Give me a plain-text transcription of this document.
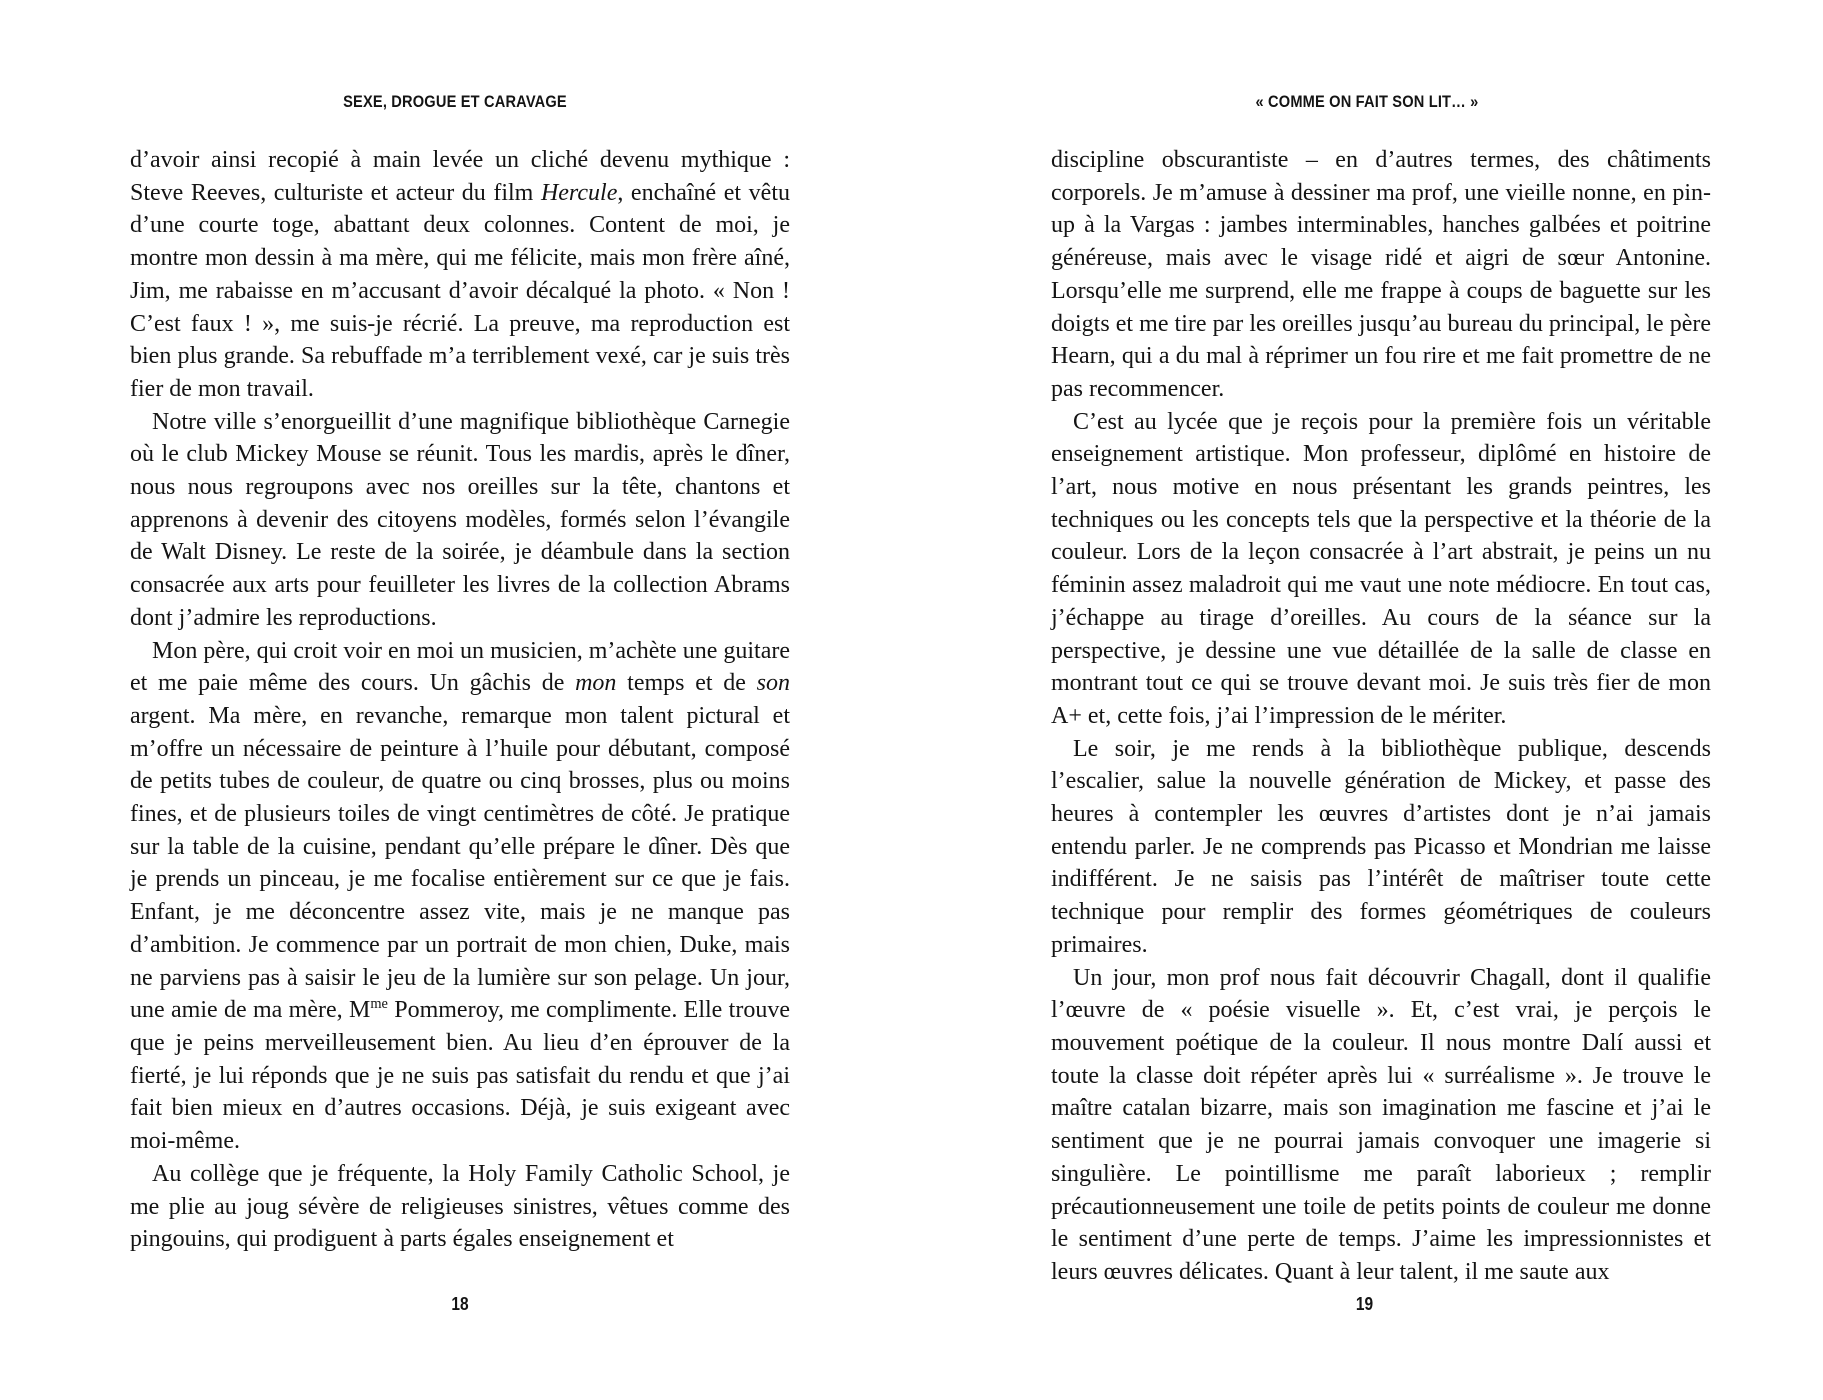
SEXE, DROGUE ET CARAVAGE

d’avoir ainsi recopié à main levée un cliché devenu mythique : Steve Reeves, culturiste et acteur du film Hercule, enchaîné et vêtu d’une courte toge, abattant deux colonnes. Content de moi, je montre mon dessin à ma mère, qui me félicite, mais mon frère aîné, Jim, me rabaisse en m’accusant d’avoir décalqué la photo. « Non ! C’est faux ! », me suis-je récrié. La preuve, ma reproduction est bien plus grande. Sa rebuffade m’a terriblement vexé, car je suis très fier de mon travail.

Notre ville s’enorgueillit d’une magnifique bibliothèque Carnegie où le club Mickey Mouse se réunit. Tous les mardis, après le dîner, nous nous regroupons avec nos oreilles sur la tête, chantons et apprenons à devenir des citoyens modèles, formés selon l’évangile de Walt Disney. Le reste de la soirée, je déambule dans la section consacrée aux arts pour feuilleter les livres de la collection Abrams dont j’admire les reproductions.

Mon père, qui croit voir en moi un musicien, m’achète une guitare et me paie même des cours. Un gâchis de mon temps et de son argent. Ma mère, en revanche, remarque mon talent pictural et m’offre un nécessaire de peinture à l’huile pour débutant, composé de petits tubes de couleur, de quatre ou cinq brosses, plus ou moins fines, et de plusieurs toiles de vingt centimètres de côté. Je pratique sur la table de la cuisine, pendant qu’elle prépare le dîner. Dès que je prends un pinceau, je me focalise entièrement sur ce que je fais. Enfant, je me déconcentre assez vite, mais je ne manque pas d’ambition. Je commence par un portrait de mon chien, Duke, mais ne parviens pas à saisir le jeu de la lumière sur son pelage. Un jour, une amie de ma mère, $M^{me}$ Pommeroy, me complimente. Elle trouve que je peins merveilleusement bien. Au lieu d’en éprouver de la fierté, je lui réponds que je ne suis pas satisfait du rendu et que j’ai fait bien mieux en d’autres occasions. Déjà, je suis exigeant avec moi-même.

Au collège que je fréquente, la Holy Family Catholic School, je me plie au joug sévère de religieuses sinistres, vêtues comme des pingouins, qui prodiguent à parts égales enseignement et

18
« COMME ON FAIT SON LIT… »

discipline obscurantiste – en d’autres termes, des châtiments corporels. Je m’amuse à dessiner ma prof, une vieille nonne, en pin-up à la Vargas : jambes interminables, hanches galbées et poitrine généreuse, mais avec le visage ridé et aigri de sœur Antonine. Lorsqu’elle me surprend, elle me frappe à coups de baguette sur les doigts et me tire par les oreilles jusqu’au bureau du principal, le père Hearn, qui a du mal à réprimer un fou rire et me fait promettre de ne pas recommencer.

C’est au lycée que je reçois pour la première fois un véritable enseignement artistique. Mon professeur, diplômé en histoire de l’art, nous motive en nous présentant les grands peintres, les techniques ou les concepts tels que la perspective et la théorie de la couleur. Lors de la leçon consacrée à l’art abstrait, je peins un nu féminin assez maladroit qui me vaut une note médiocre. En tout cas, j’échappe au tirage d’oreilles. Au cours de la séance sur la perspective, je dessine une vue détaillée de la salle de classe en montrant tout ce qui se trouve devant moi. Je suis très fier de mon A+ et, cette fois, j’ai l’impression de le mériter.

Le soir, je me rends à la bibliothèque publique, descends l’escalier, salue la nouvelle génération de Mickey, et passe des heures à contempler les œuvres d’artistes dont je n’ai jamais entendu parler. Je ne comprends pas Picasso et Mondrian me laisse indifférent. Je ne saisis pas l’intérêt de maîtriser toute cette technique pour remplir des formes géométriques de couleurs primaires.

Un jour, mon prof nous fait découvrir Chagall, dont il qualifie l’œuvre de « poésie visuelle ». Et, c’est vrai, je perçois le mouvement poétique de la couleur. Il nous montre Dalí aussi et toute la classe doit répéter après lui « surréalisme ». Je trouve le maître catalan bizarre, mais son imagination me fascine et j’ai le sentiment que je ne pourrai jamais convoquer une imagerie si singulière. Le pointillisme me paraît laborieux ; remplir précautionneusement une toile de petits points de couleur me donne le sentiment d’une perte de temps. J’aime les impressionnistes et leurs œuvres délicates. Quant à leur talent, il me saute aux

19
